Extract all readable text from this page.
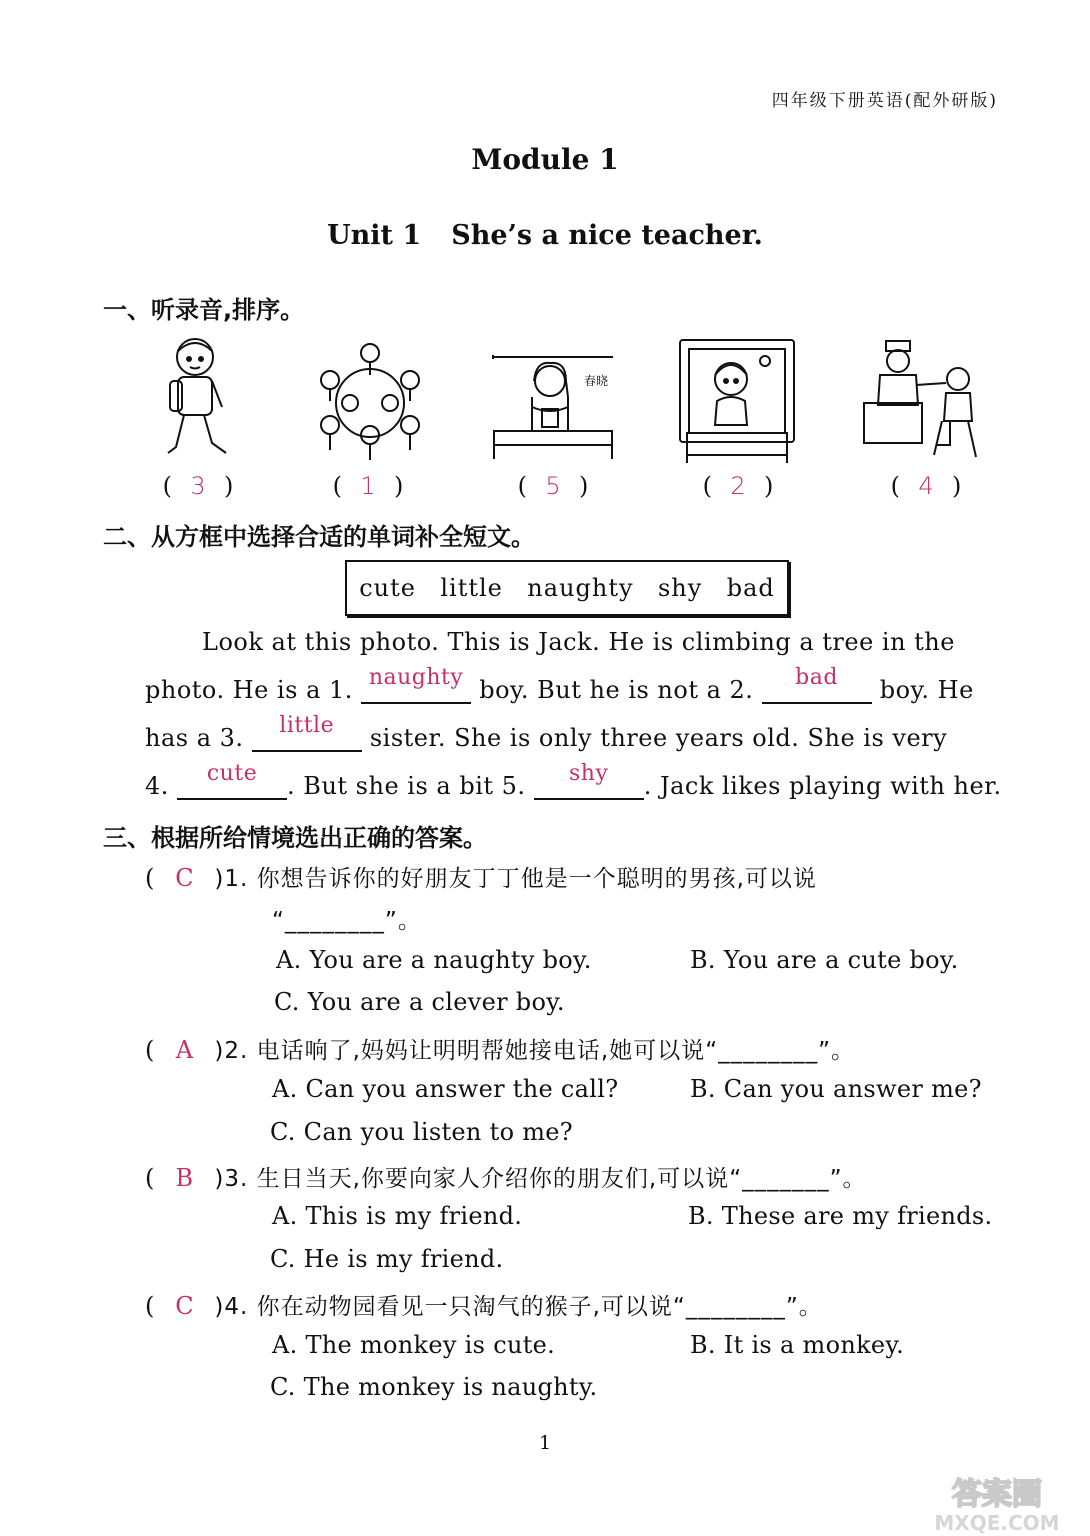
四年级下册英语(配外研版)
Module 1
Unit 1 She’s a nice teacher.
一、听录音,排序。
( 3 )	( 1 )
春晓
( 5 )	( 2 )	( 4 )
二、从方框中选择合适的单词补全短文。
cute little naughty shy bad
Look at this photo. This is Jack. He is climbing a tree in the
photo. He is a 1. naughty boy. But he is not a 2. bad boy. He
has a 3. little sister. She is only three years old. She is very
4. cute . But she is a bit 5. shy . Jack likes playing with her.
三、根据所给情境选出正确的答案。
( C )1. 你想告诉你的好朋友丁丁他是一个聪明的男孩,可以说
“________”。
A. You are a naughty boy.	B. You are a cute boy.
C. You are a clever boy.
( A )2. 电话响了,妈妈让明明帮她接电话,她可以说“________”。
A. Can you answer the call?	B. Can you answer me?
C. Can you listen to me?
( B )3. 生日当天,你要向家人介绍你的朋友们,可以说“_______”。
A. This is my friend.	B. These are my friends.
C. He is my friend.
( C )4. 你在动物园看见一只淘气的猴子,可以说“________”。
A. The monkey is cute.	B. It is a monkey.
C. The monkey is naughty.
1
答案圈
MXQE.COM
